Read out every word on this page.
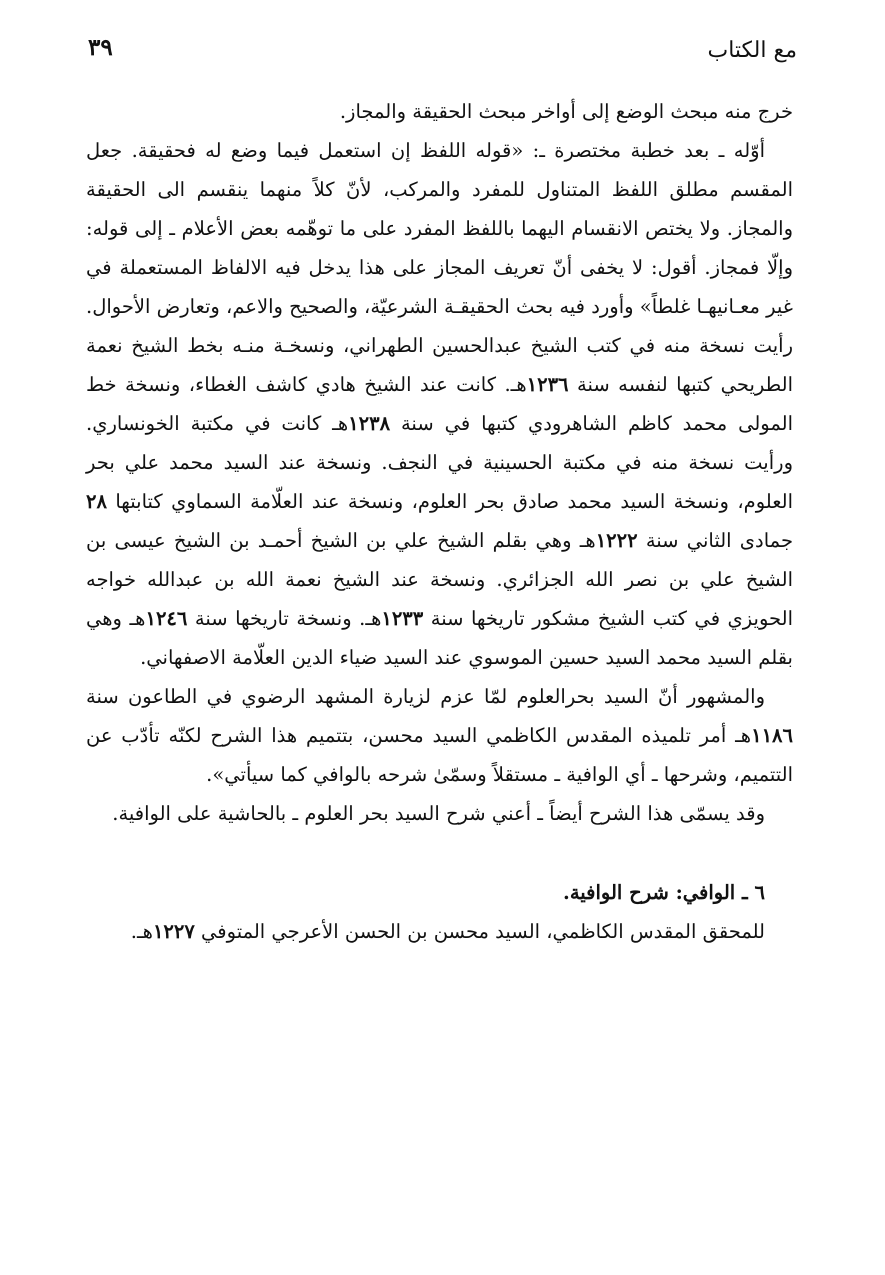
٣٩	مع الكتاب

خرج منه مبحث الوضع إلى أواخر مبحث الحقيقة والمجاز.

أوّله ـ بعد خطبة مختصرة ـ: «قوله اللفظ إن استعمل فيما وضع له فحقيقة. جعل المقسم مطلق اللفظ المتناول للمفرد والمركب، لأنّ كلاً منهما ينقسم الى الحقيقة والمجاز. ولا يختص الانقسام اليهما باللفظ المفرد على ما توهّمه بعض الأعلام ـ إلى قوله: وإلّا فمجاز. أقول: لا يخفى أنّ تعريف المجاز على هذا يدخل فيه الالفاظ المستعملة في غير معـانيهـا غلطاً» وأورد فيه بحث الحقيقـة الشرعيّة، والصحيح والاعم، وتعارض الأحوال. رأيت نسخة منه في كتب الشيخ عبدالحسين الطهراني، ونسخـة منـه بخط الشيخ نعمة الطريحي كتبها لنفسه سنة ١٢٣٦هـ. كانت عند الشيخ هادي كاشف الغطاء، ونسخة خط المولى محمد كاظم الشاهرودي كتبها في سنة ١٢٣٨هـ كانت في مكتبة الخونساري. ورأيت نسخة منه في مكتبة الحسينية في النجف. ونسخة عند السيد محمد علي بحر العلوم، ونسخة السيد محمد صادق بحر العلوم، ونسخة عند العلّامة السماوي كتابتها ٢٨ جمادى الثاني سنة ١٢٢٢هـ وهي بقلم الشيخ علي بن الشيخ أحمـد بن الشيخ عيسى بن الشيخ علي بن نصر الله الجزائري. ونسخة عند الشيخ نعمة الله بن عبدالله خواجه الحويزي في كتب الشيخ مشكور تاريخها سنة ١٢٣٣هـ. ونسخة تاريخها سنة ١٢٤٦هـ وهي بقلم السيد محمد السيد حسين الموسوي عند السيد ضياء الدين العلّامة الاصفهاني.

والمشهور أنّ السيد بحرالعلوم لمّا عزم لزيارة المشهد الرضوي في الطاعون سنة ١١٨٦هـ أمر تلميذه المقدس الكاظمي السيد محسن، بتتميم هذا الشرح لكنّه تأدّب عن التتميم، وشرحها ـ أي الوافية ـ مستقلاً وسمّىٰ شرحه بالوافي كما سيأتي».

وقد يسمّى هذا الشرح أيضاً ـ أعني شرح السيد بحر العلوم ـ بالحاشية على الوافية.

٦ ـ الوافي: شرح الوافية.

للمحقق المقدس الكاظمي، السيد محسن بن الحسن الأعرجي المتوفي ١٢٢٧هـ.
